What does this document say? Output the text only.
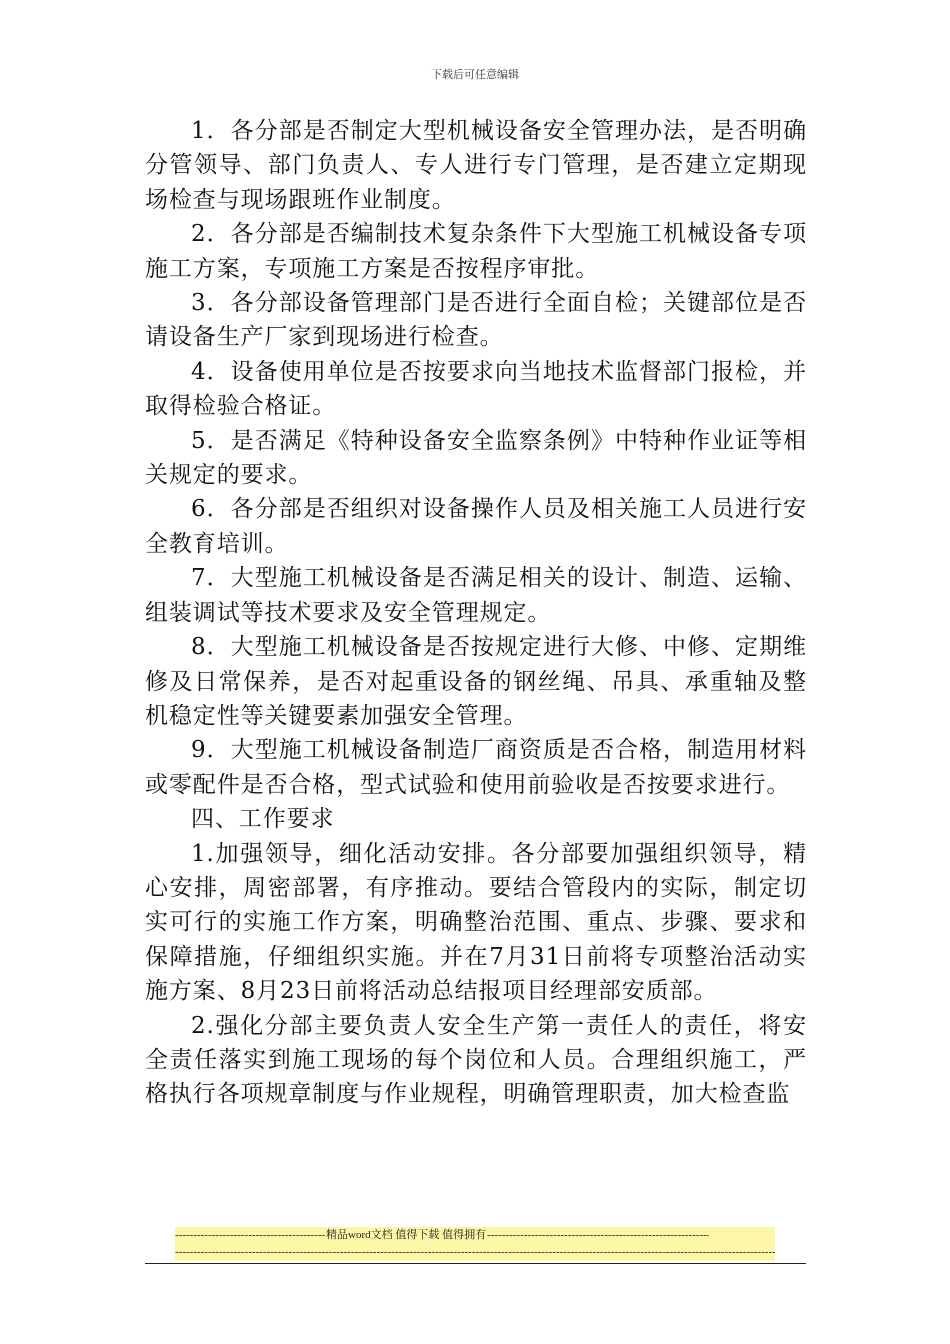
下载后可任意编辑

1．各分部是否制定大型机械设备安全管理办法，是否明确分管领导、部门负责人、专人进行专门管理，是否建立定期现场检查与现场跟班作业制度。

2．各分部是否编制技术复杂条件下大型施工机械设备专项施工方案，专项施工方案是否按程序审批。

3．各分部设备管理部门是否进行全面自检；关键部位是否请设备生产厂家到现场进行检查。

4．设备使用单位是否按要求向当地技术监督部门报检，并取得检验合格证。

5．是否满足《特种设备安全监察条例》中特种作业证等相关规定的要求。

6．各分部是否组织对设备操作人员及相关施工人员进行安全教育培训。

7．大型施工机械设备是否满足相关的设计、制造、运输、组装调试等技术要求及安全管理规定。

8．大型施工机械设备是否按规定进行大修、中修、定期维修及日常保养，是否对起重设备的钢丝绳、吊具、承重轴及整机稳定性等关键要素加强安全管理。

9．大型施工机械设备制造厂商资质是否合格，制造用材料或零配件是否合格，型式试验和使用前验收是否按要求进行。

四、工作要求

1.加强领导，细化活动安排。各分部要加强组织领导，精心安排，周密部署，有序推动。要结合管段内的实际，制定切实可行的实施工作方案，明确整治范围、重点、步骤、要求和保障措施，仔细组织实施。并在7月31日前将专项整治活动实施方案、8月23日前将活动总结报项目经理部安质部。

2.强化分部主要负责人安全生产第一责任人的责任，将安全责任落实到施工现场的每个岗位和人员。合理组织施工，严格执行各项规章制度与作业规程，明确管理职责，加大检查监

-----
精品word文档 值得下载 值得拥有
-----
-----
